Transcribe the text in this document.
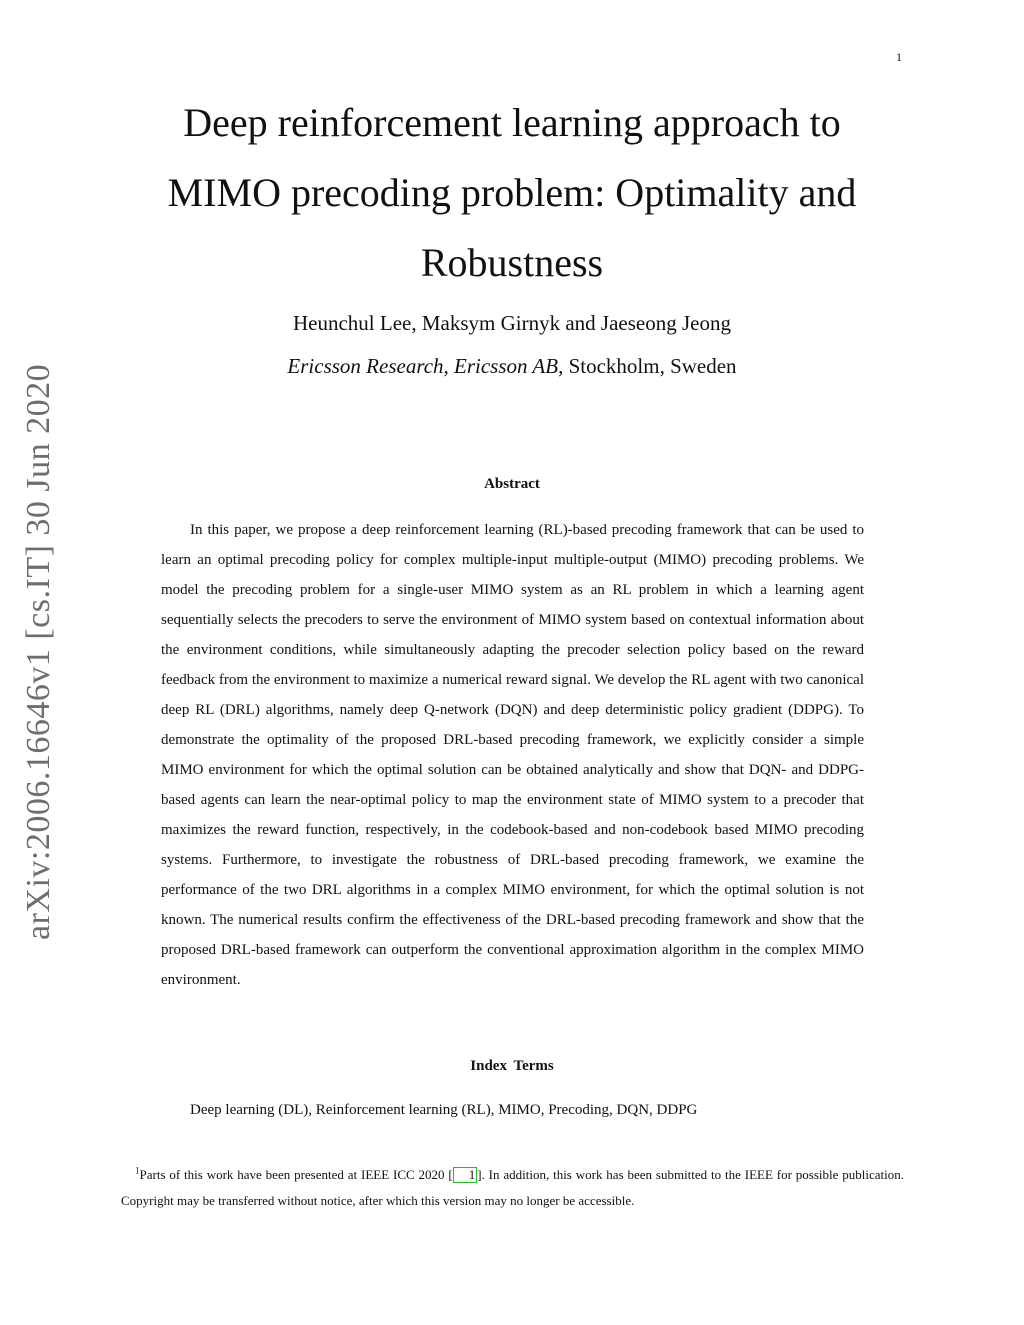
1
arXiv:2006.16646v1 [cs.IT] 30 Jun 2020
Deep reinforcement learning approach to MIMO precoding problem: Optimality and Robustness

Heunchul Lee, Maksym Girnyk and Jaeseong Jeong

Ericsson Research, Ericsson AB, Stockholm, Sweden

Abstract

In this paper, we propose a deep reinforcement learning (RL)-based precoding framework that can be used to learn an optimal precoding policy for complex multiple-input multiple-output (MIMO) precoding problems. We model the precoding problem for a single-user MIMO system as an RL problem in which a learning agent sequentially selects the precoders to serve the environment of MIMO system based on contextual information about the environment conditions, while simultaneously adapting the precoder selection policy based on the reward feedback from the environment to maximize a numerical reward signal. We develop the RL agent with two canonical deep RL (DRL) algorithms, namely deep Q-network (DQN) and deep deterministic policy gradient (DDPG). To demonstrate the optimality of the proposed DRL-based precoding framework, we explicitly consider a simple MIMO environment for which the optimal solution can be obtained analytically and show that DQN- and DDPG-based agents can learn the near-optimal policy to map the environment state of MIMO system to a precoder that maximizes the reward function, respectively, in the codebook-based and non-codebook based MIMO precoding systems. Furthermore, to investigate the robustness of DRL-based precoding framework, we examine the performance of the two DRL algorithms in a complex MIMO environment, for which the optimal solution is not known. The numerical results confirm the effectiveness of the DRL-based precoding framework and show that the proposed DRL-based framework can outperform the conventional approximation algorithm in the complex MIMO environment.

Index Terms

Deep learning (DL), Reinforcement learning (RL), MIMO, Precoding, DQN, DDPG

$^1$Parts of this work have been presented at IEEE ICC 2020 [ 1 ]. In addition, this work has been submitted to the IEEE for possible publication. Copyright may be transferred without notice, after which this version may no longer be accessible.
